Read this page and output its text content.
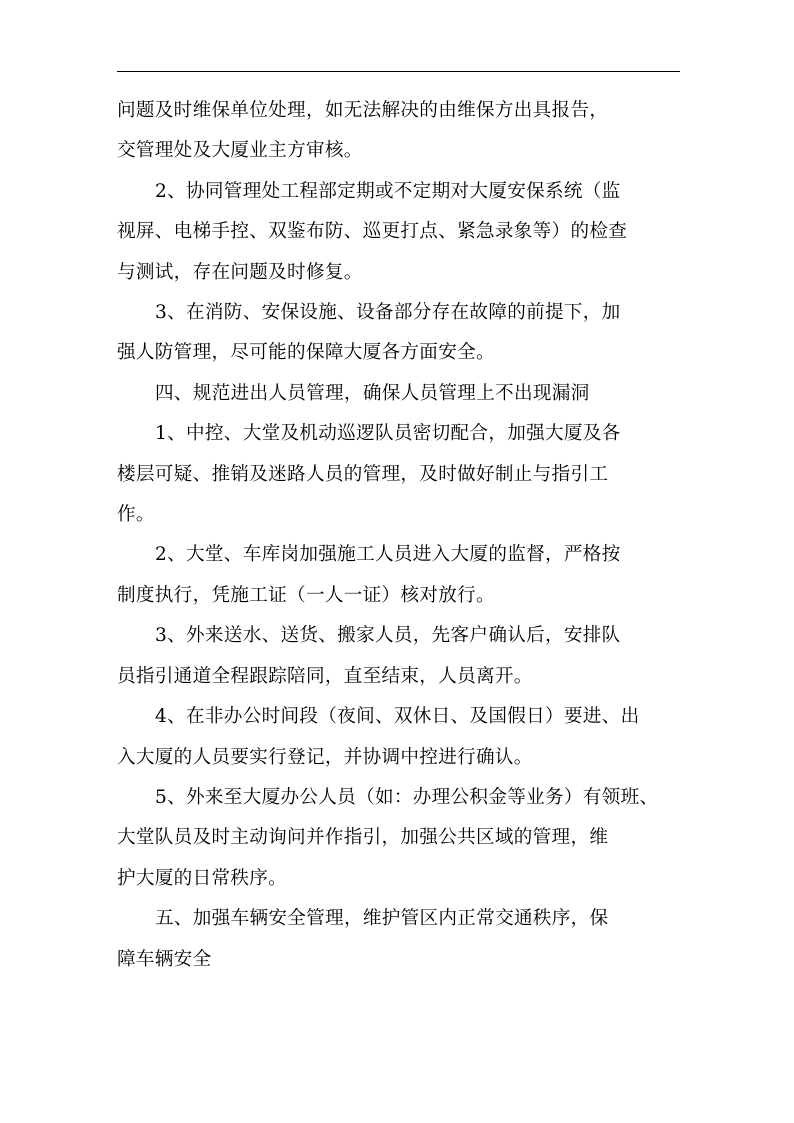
问题及时维保单位处理，如无法解决的由维保方出具报告，
交管理处及大厦业主方审核。

2、协同管理处工程部定期或不定期对大厦安保系统（监
视屏、电梯手控、双鉴布防、巡更打点、紧急录象等）的检查
与测试，存在问题及时修复。

3、在消防、安保设施、设备部分存在故障的前提下，加
强人防管理，尽可能的保障大厦各方面安全。

四、规范进出人员管理，确保人员管理上不出现漏洞

1、中控、大堂及机动巡逻队员密切配合，加强大厦及各
楼层可疑、推销及迷路人员的管理，及时做好制止与指引工
作。

2、大堂、车库岗加强施工人员进入大厦的监督，严格按
制度执行，凭施工证（一人一证）核对放行。

3、外来送水、送货、搬家人员，先客户确认后，安排队
员指引通道全程跟踪陪同，直至结束，人员离开。

4、在非办公时间段（夜间、双休日、及国假日）要进、出
入大厦的人员要实行登记，并协调中控进行确认。

5、外来至大厦办公人员（如：办理公积金等业务）有领班、
大堂队员及时主动询问并作指引，加强公共区域的管理，维
护大厦的日常秩序。

五、加强车辆安全管理，维护管区内正常交通秩序，保
障车辆安全
